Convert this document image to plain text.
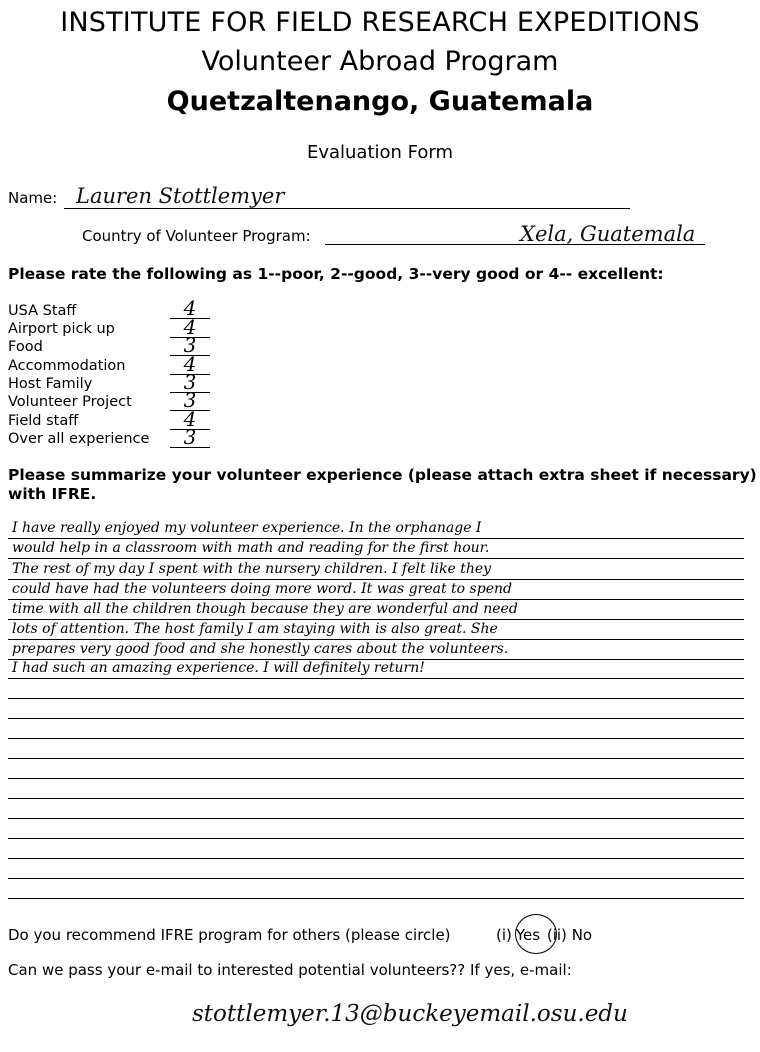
INSTITUTE FOR FIELD RESEARCH EXPEDITIONS
Volunteer Abroad Program
Quetzaltenango, Guatemala
Evaluation Form
Name: Lauren Stottlemyer
Country of Volunteer Program:	Xela, Guatemala
Please rate the following as 1--poor, 2--good, 3--very good or 4-- excellent:
USA Staff	4
Airport pick up	4
Food	3
Accommodation	4
Host Family	3
Volunteer Project	3
Field staff	4
Over all experience	3
Please summarize your volunteer experience (please attach extra sheet if necessary)
with IFRE.
I have really enjoyed my volunteer experience. In the orphanage I
would help in a classroom with math and reading for the first hour.
The rest of my day I spent with the nursery children. I felt like they
could have had the volunteers doing more word. It was great to spend
time with all the children though because they are wonderful and need
lots of attention. The host family I am staying with is also great. She
prepares very good food and she honestly cares about the volunteers.
I had such an amazing experience. I will definitely return!
Do you recommend IFRE program for others (please circle)	(i) Yes (ii) No
Can we pass your e-mail to interested potential volunteers?? If yes, e-mail:
stottlemyer.13@buckeyemail.osu.edu
